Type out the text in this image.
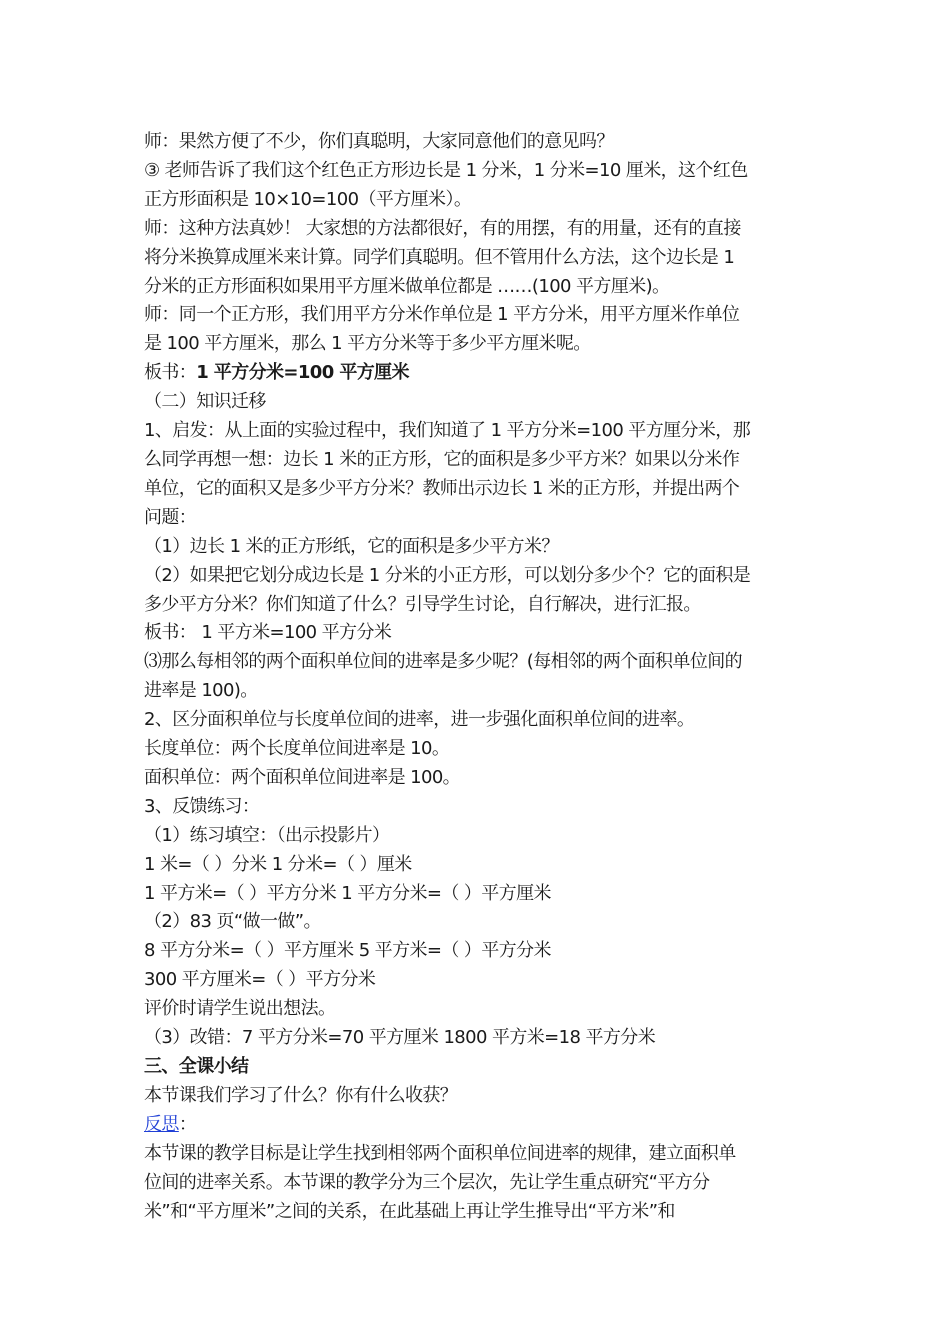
师：果然方便了不少，你们真聪明，大家同意他们的意见吗？
③ 老师告诉了我们这个红色正方形边长是 1 分米，1 分米=10 厘米，这个红色
正方形面积是 10×10=100（平方厘米）。
师：这种方法真妙！ 大家想的方法都很好，有的用摆，有的用量，还有的直接
将分米换算成厘米来计算。同学们真聪明。但不管用什么方法，这个边长是 1
分米的正方形面积如果用平方厘米做单位都是 ……(100 平方厘米)。
师：同一个正方形，我们用平方分米作单位是 1 平方分米，用平方厘米作单位
是 100 平方厘米，那么 1 平方分米等于多少平方厘米呢。
板书：1 平方分米=100 平方厘米
（二）知识迁移
1、启发：从上面的实验过程中，我们知道了 1 平方分米=100 平方厘分米，那
么同学再想一想：边长 1 米的正方形，它的面积是多少平方米？如果以分米作
单位，它的面积又是多少平方分米？教师出示边长 1 米的正方形，并提出两个
问题：
（1）边长 1 米的正方形纸，它的面积是多少平方米？
（2）如果把它划分成边长是 1 分米的小正方形，可以划分多少个？它的面积是
多少平方分米？你们知道了什么？引导学生讨论，自行解决，进行汇报。
板书： 1 平方米=100 平方分米
⑶那么每相邻的两个面积单位间的进率是多少呢？(每相邻的两个面积单位间的
进率是 100)。
2、区分面积单位与长度单位间的进率，进一步强化面积单位间的进率。
长度单位：两个长度单位间进率是 10。
面积单位：两个面积单位间进率是 100。
3、反馈练习：
（1）练习填空：（出示投影片）
1 米=（ ）分米 1 分米=（ ）厘米
1 平方米=（ ）平方分米 1 平方分米=（ ）平方厘米
（2）83 页“做一做”。
8 平方分米=（ ）平方厘米 5 平方米=（ ）平方分米
300 平方厘米=（ ）平方分米
评价时请学生说出想法。
（3）改错：7 平方分米=70 平方厘米 1800 平方米=18 平方分米
三、全课小结
本节课我们学习了什么？你有什么收获？
反思：
本节课的教学目标是让学生找到相邻两个面积单位间进率的规律，建立面积单
位间的进率关系。本节课的教学分为三个层次，先让学生重点研究“平方分
米”和“平方厘米”之间的关系，在此基础上再让学生推导出“平方米”和
